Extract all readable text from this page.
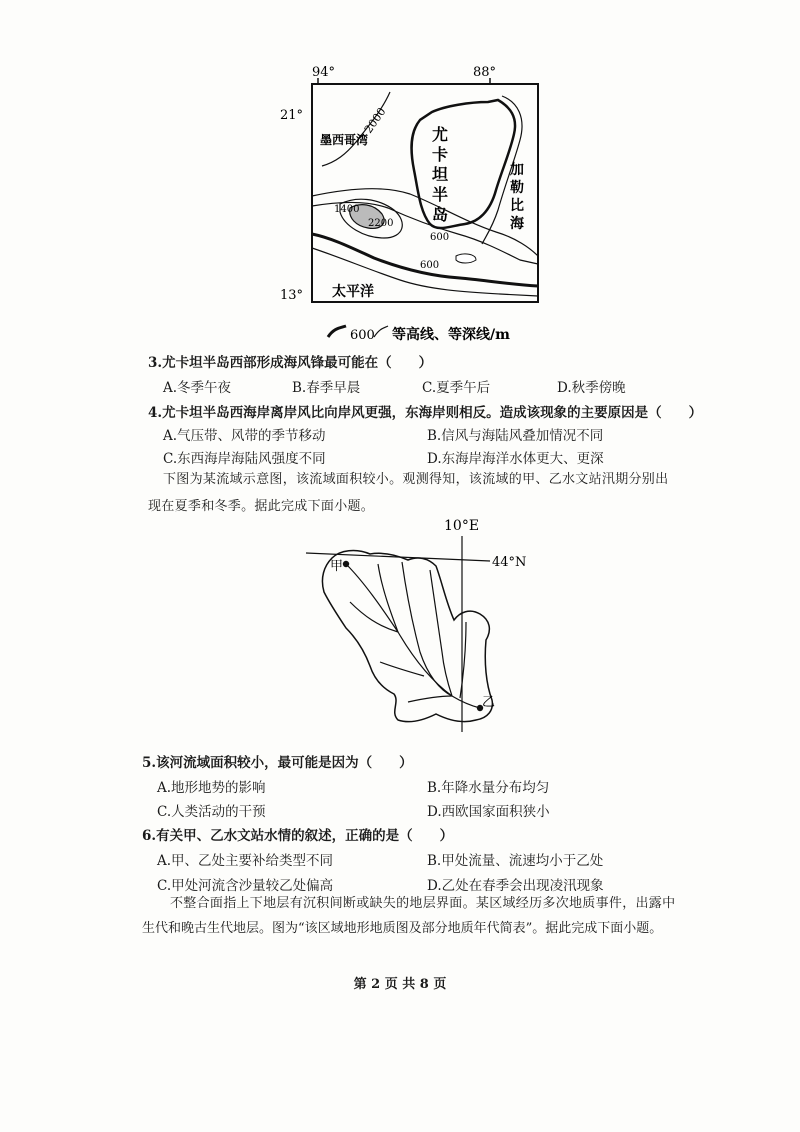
94°	88°
21°
13°
2000
墨西哥湾	尤
卡
坦
半
岛
加
勒
比
海
1400
2200
600
600
太平洋
600 等高线、等深线/m
3.尤卡坦半岛西部形成海风锋最可能在（　　）
A.冬季午夜	B.春季早晨	C.夏季午后	D.秋季傍晚
4.尤卡坦半岛西海岸离岸风比向岸风更强，东海岸则相反。造成该现象的主要原因是（　　）
A.气压带、风带的季节移动	B.信风与海陆风叠加情况不同
C.东西海岸海陆风强度不同	D.东海岸海洋水体更大、更深
下图为某流域示意图，该流域面积较小。观测得知，该流域的甲、乙水文站汛期分别出
现在夏季和冬季。据此完成下面小题。
10°E
44°N
甲
乙
5.该河流域面积较小，最可能是因为（　　）
A.地形地势的影响	B.年降水量分布均匀
C.人类活动的干预	D.西欧国家面积狭小
6.有关甲、乙水文站水情的叙述，正确的是（　　）
A.甲、乙处主要补给类型不同	B.甲处流量、流速均小于乙处
C.甲处河流含沙量较乙处偏高	D.乙处在春季会出现凌汛现象
不整合面指上下地层有沉积间断或缺失的地层界面。某区域经历多次地质事件，出露中
生代和晚古生代地层。图为“该区域地形地质图及部分地质年代简表”。据此完成下面小题。
第 2 页 共 8 页
